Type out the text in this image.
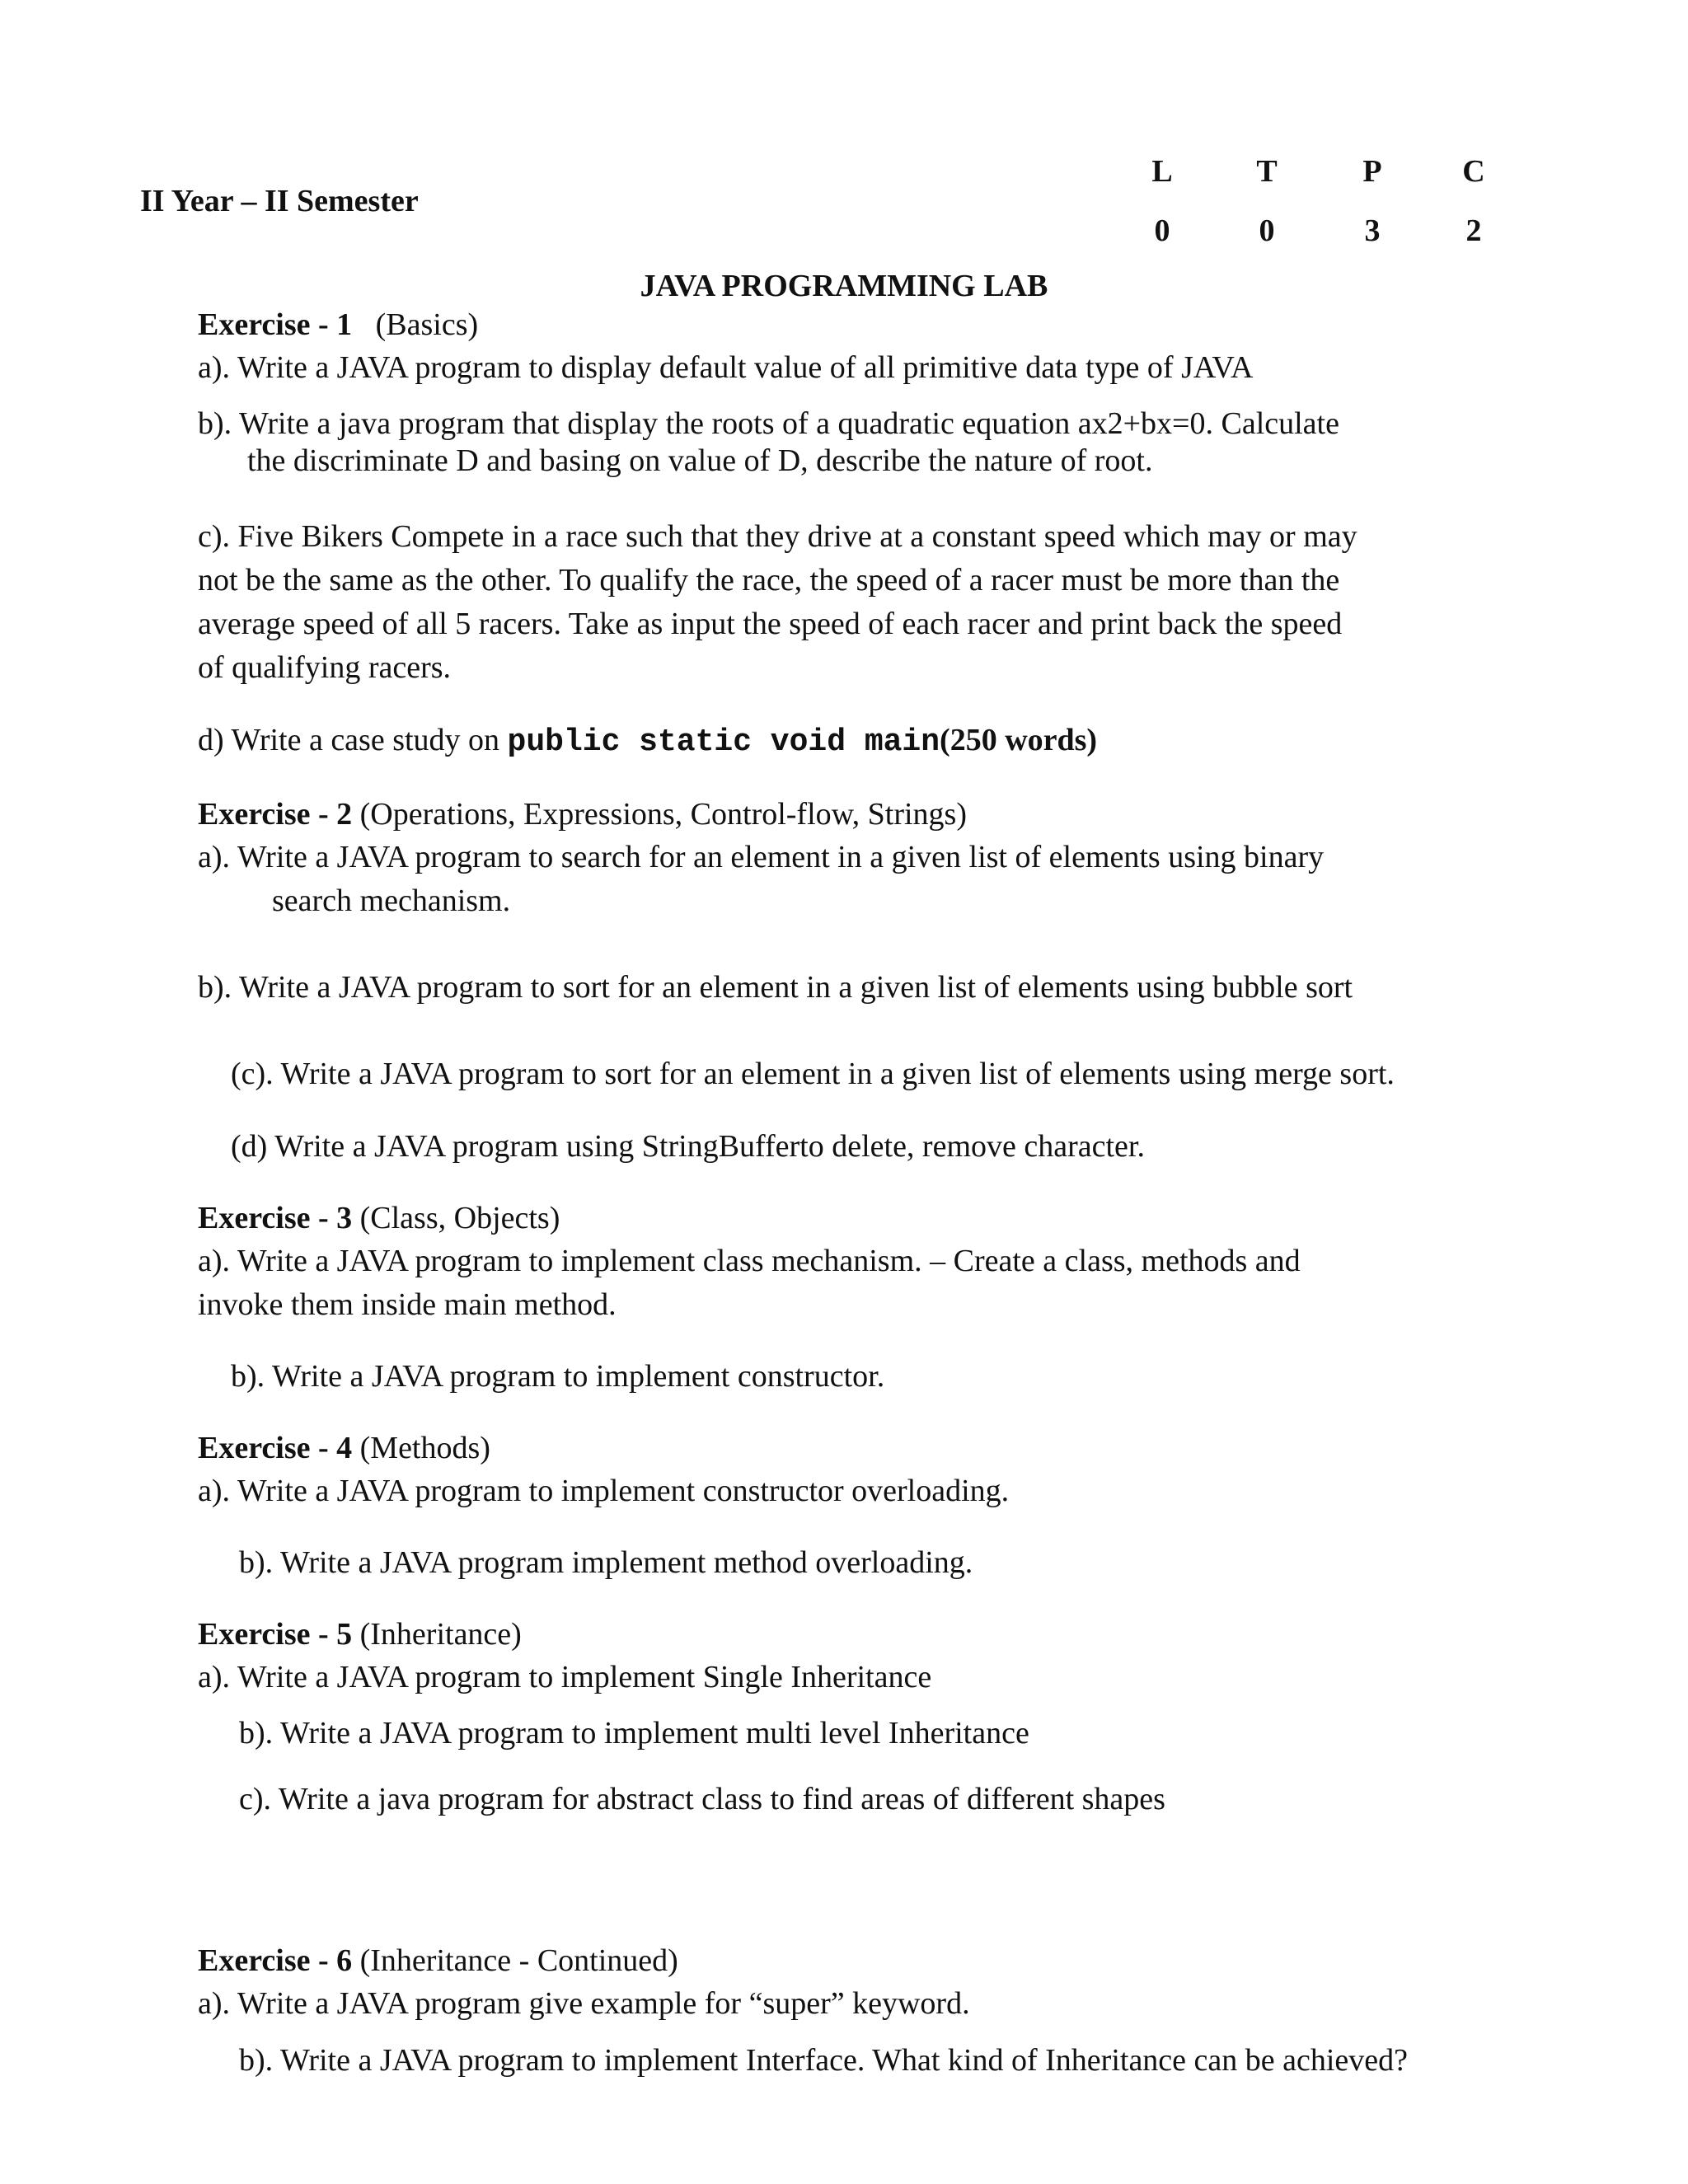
II Year – II Semester
L	T	P	C
0	0	3	2
JAVA PROGRAMMING LAB
Exercise - 1 (Basics)
a). Write a JAVA program to display default value of all primitive data type of JAVA
b). Write a java program that display the roots of a quadratic equation ax2+bx=0. Calculate
the discriminate D and basing on value of D, describe the nature of root.
c). Five Bikers Compete in a race such that they drive at a constant speed which may or may
not be the same as the other. To qualify the race, the speed of a racer must be more than the
average speed of all 5 racers. Take as input the speed of each racer and print back the speed
of qualifying racers.
d) Write a case study on public static void main(250 words)
Exercise - 2 (Operations, Expressions, Control-flow, Strings)
a). Write a JAVA program to search for an element in a given list of elements using binary
search mechanism.
b). Write a JAVA program to sort for an element in a given list of elements using bubble sort
(c). Write a JAVA program to sort for an element in a given list of elements using merge sort.
(d) Write a JAVA program using StringBufferto delete, remove character.
Exercise - 3 (Class, Objects)
a). Write a JAVA program to implement class mechanism. – Create a class, methods and
invoke them inside main method.
b). Write a JAVA program to implement constructor.
Exercise - 4 (Methods)
a). Write a JAVA program to implement constructor overloading.
b). Write a JAVA program implement method overloading.
Exercise - 5 (Inheritance)
a). Write a JAVA program to implement Single Inheritance
b). Write a JAVA program to implement multi level Inheritance
c). Write a java program for abstract class to find areas of different shapes
Exercise - 6 (Inheritance - Continued)
a). Write a JAVA program give example for “super” keyword.
b). Write a JAVA program to implement Interface. What kind of Inheritance can be achieved?
